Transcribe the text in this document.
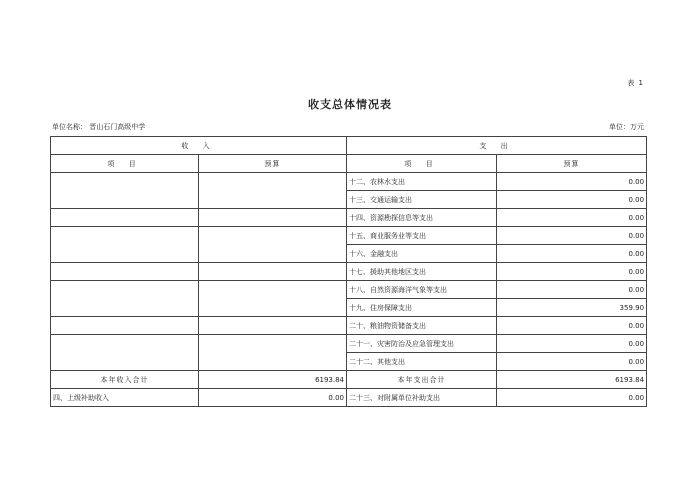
表 1
收支总体情况表
单位名称： 晋山石门高级中学	单位：万元
收 入		支 出	
项 目	预算	项 目	预算
		十二、农林水支出	0.00
		十三、交通运输支出	0.00
		十四、资源勘探信息等支出	0.00
		十五、商业服务业等支出	0.00
		十六、金融支出	0.00
		十七、援助其他地区支出	0.00
		十八、自然资源海洋气象等支出	0.00
		十九、住房保障支出	359.90
		二十、粮油物资储备支出	0.00
		二十一、灾害防治及应急管理支出	0.00
		二十二、其他支出	0.00
本年收入合计	6193.84	本年支出合计	6193.84
四、上级补助收入	0.00	二十三、对附属单位补助支出	0.00
